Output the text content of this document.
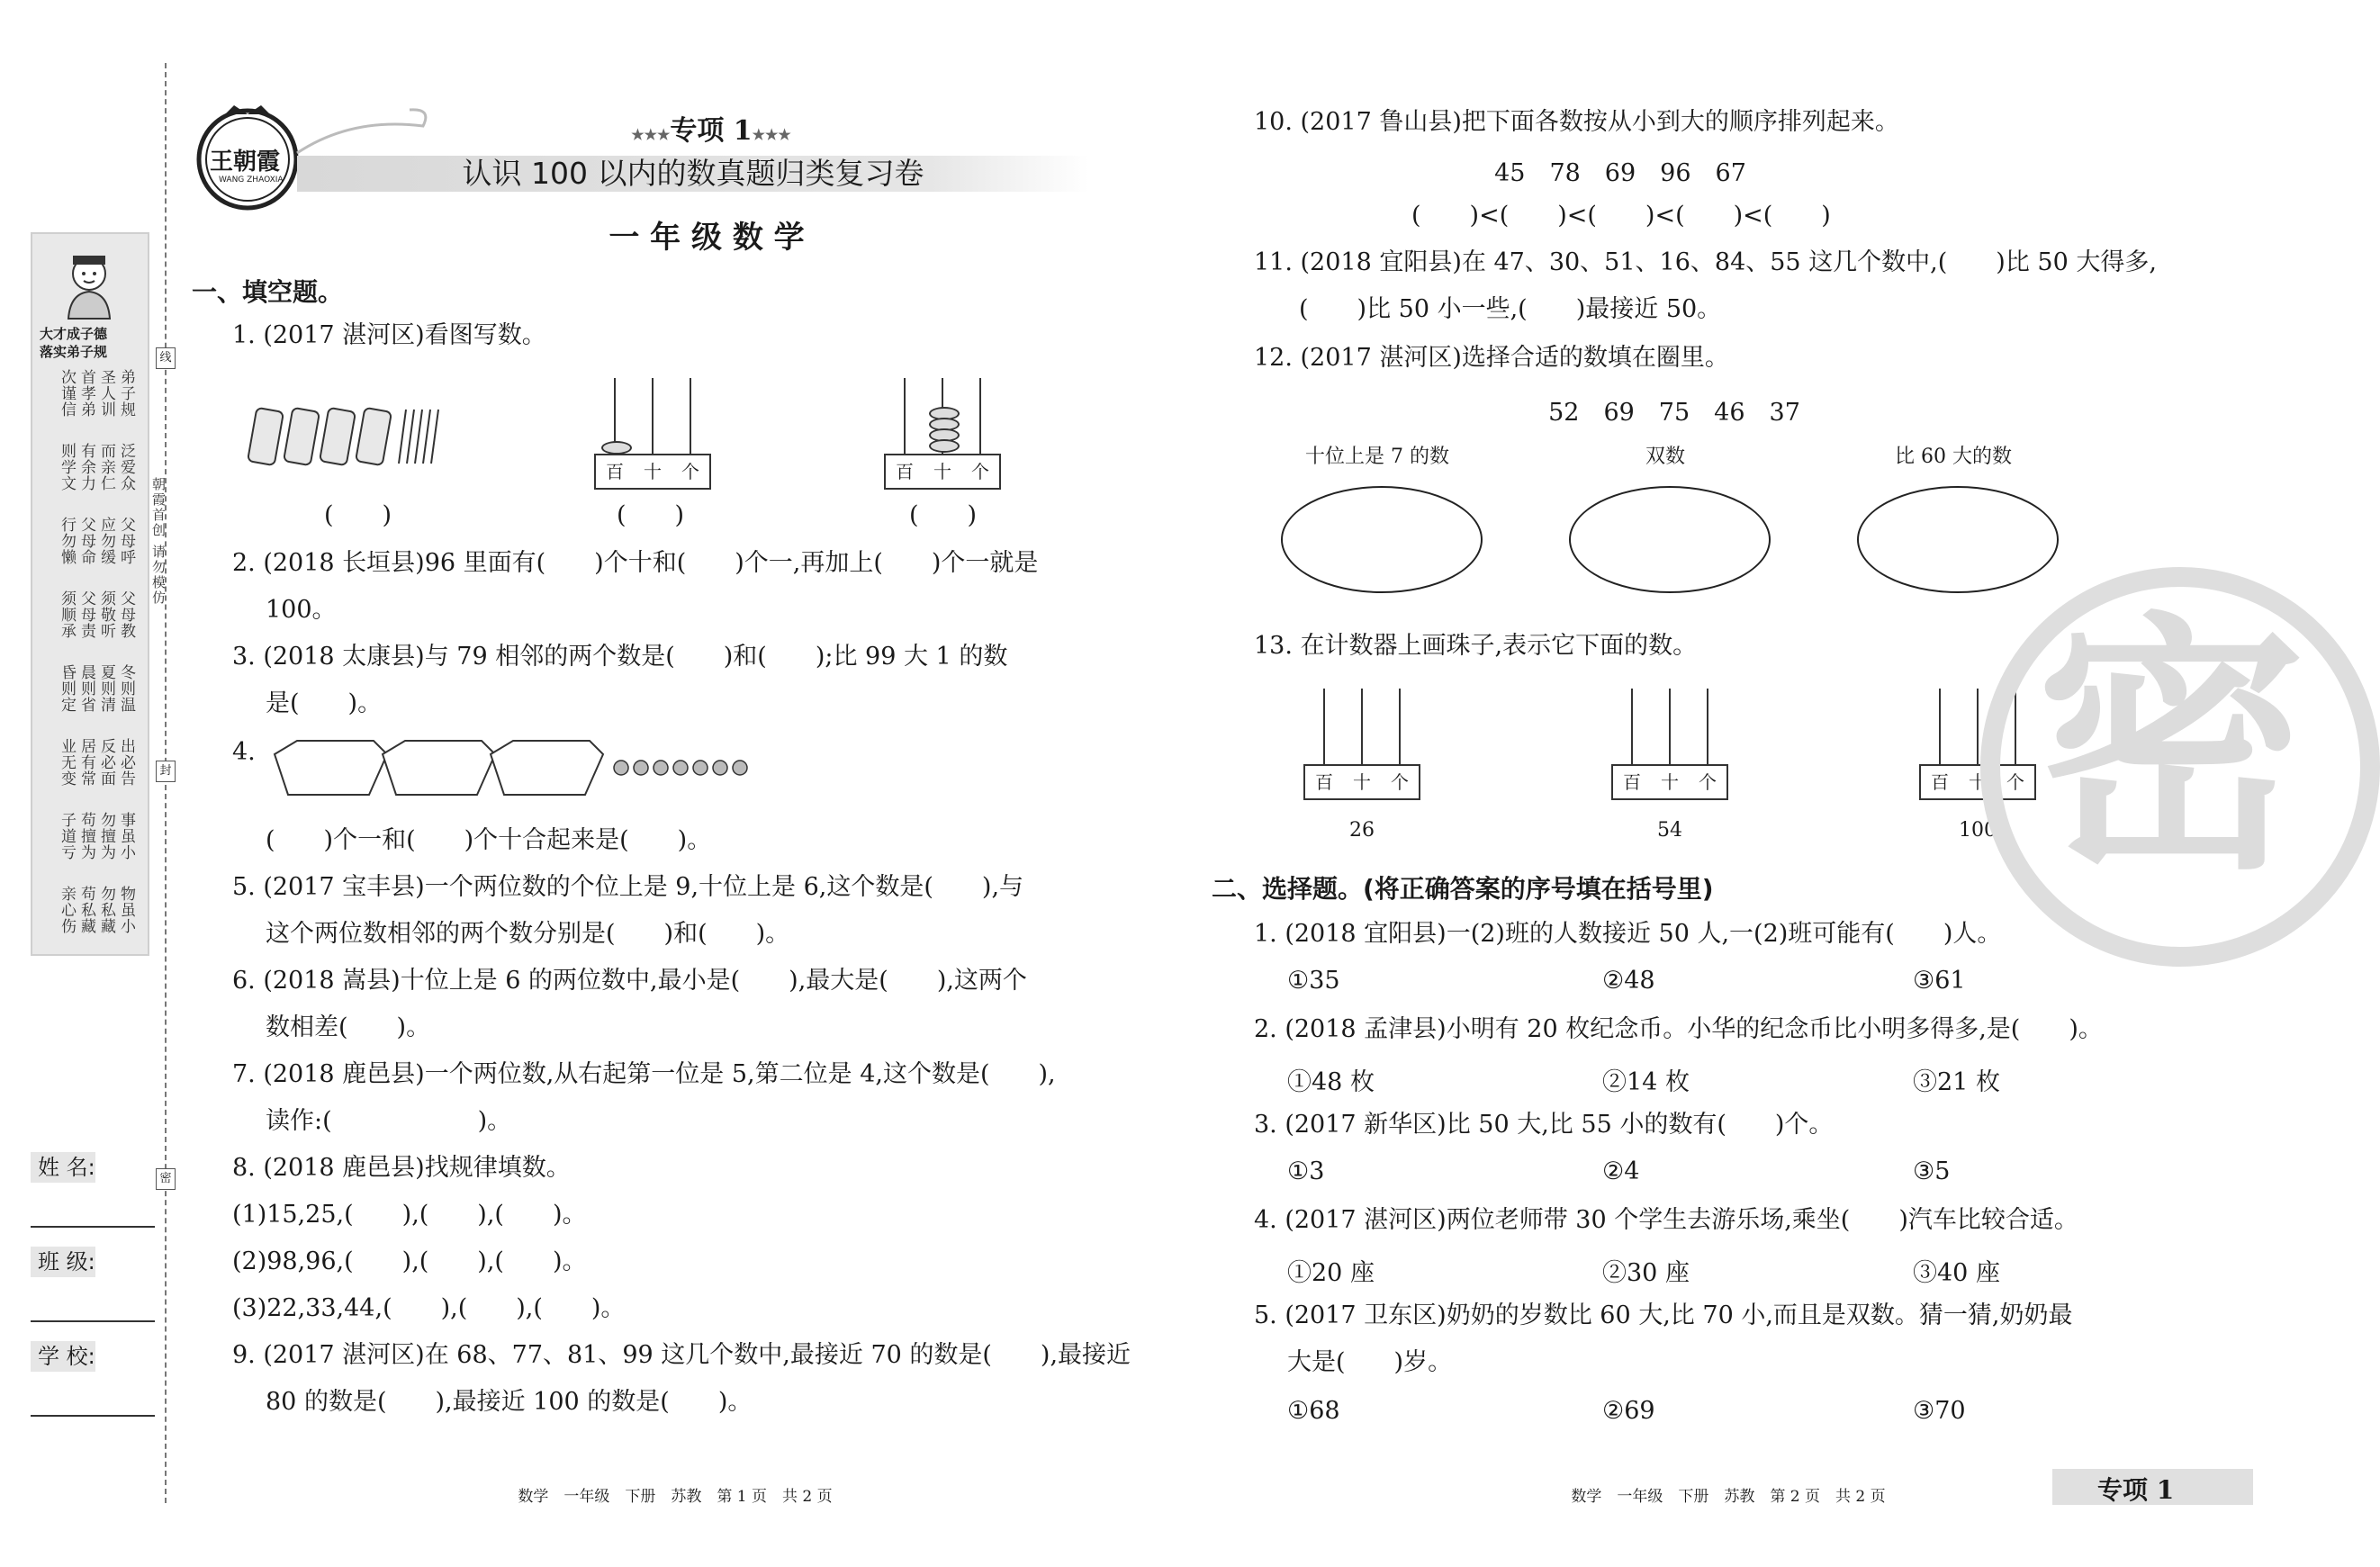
大才成子德
落实弟子规
弟子规
圣人训
首孝弟
次谨信
泛爱众
而亲仁
有余力
则学文
父母呼
应勿缓
父母命
行勿懒
父母教
须敬听
父母责
须顺承
冬则温
夏则清
晨则省
昏则定
出必告
反必面
居有常
业无变
事虽小
勿擅为
苟擅为
子道亏
物虽小
勿私藏
苟私藏
亲心伤
朝霞首创 请勿模仿
线
封
密
姓 名:
班 级:
学 校:
王朝霞
WANG ZHAOXIA
★★★专项 1★★★
认识 100 以内的数真题归类复习卷
一 年 级 数 学
一、填空题。
1. (2017 湛河区)看图写数。
(　　)
百 十 个
(　　)
百 十 个
(　　)
2. (2018 长垣县)96 里面有(　　)个十和(　　)个一,再加上(　　)个一就是
100。
3. (2018 太康县)与 79 相邻的两个数是(　　)和(　　);比 99 大 1 的数
是(　　)。
4.
(　　)个一和(　　)个十合起来是(　　)。
5. (2017 宝丰县)一个两位数的个位上是 9,十位上是 6,这个数是(　　),与
这个两位数相邻的两个数分别是(　　)和(　　)。
6. (2018 嵩县)十位上是 6 的两位数中,最小是(　　),最大是(　　),这两个
数相差(　　)。
7. (2018 鹿邑县)一个两位数,从右起第一位是 5,第二位是 4,这个数是(　　),
读作:(　　　　　　)。
8. (2018 鹿邑县)找规律填数。
(1)15,25,(　　),(　　),(　　)。
(2)98,96,(　　),(　　),(　　)。
(3)22,33,44,(　　),(　　),(　　)。
9. (2017 湛河区)在 68、77、81、99 这几个数中,最接近 70 的数是(　　),最接近
80 的数是(　　),最接近 100 的数是(　　)。
10. (2017 鲁山县)把下面各数按从小到大的顺序排列起来。
45　78　69　96　67
(　　)<(　　)<(　　)<(　　)<(　　)
11. (2018 宜阳县)在 47、30、51、16、84、55 这几个数中,(　　)比 50 大得多,
(　　)比 50 小一些,(　　)最接近 50。
12. (2017 湛河区)选择合适的数填在圈里。
52　69　75　46　37
十位上是 7 的数	双数	比 60 大的数
13. 在计数器上画珠子,表示它下面的数。
百 十 个
26
百 十 个
54
百 十 个
100
二、选择题。(将正确答案的序号填在括号里)
1. (2018 宜阳县)一(2)班的人数接近 50 人,一(2)班可能有(　　)人。
①35	②48	③61
2. (2018 孟津县)小明有 20 枚纪念币。小华的纪念币比小明多得多,是(　　)。
①48 枚	②14 枚	③21 枚
3. (2017 新华区)比 50 大,比 55 小的数有(　　)个。
①3	②4	③5
4. (2017 湛河区)两位老师带 30 个学生去游乐场,乘坐(　　)汽车比较合适。
①20 座	②30 座	③40 座
5. (2017 卫东区)奶奶的岁数比 60 大,比 70 小,而且是双数。猜一猜,奶奶最
大是(　　)岁。
①68	②69	③70
密
数学　一年级　下册　苏教　第 1 页　共 2 页	数学　一年级　下册　苏教　第 2 页　共 2 页	专项 1
